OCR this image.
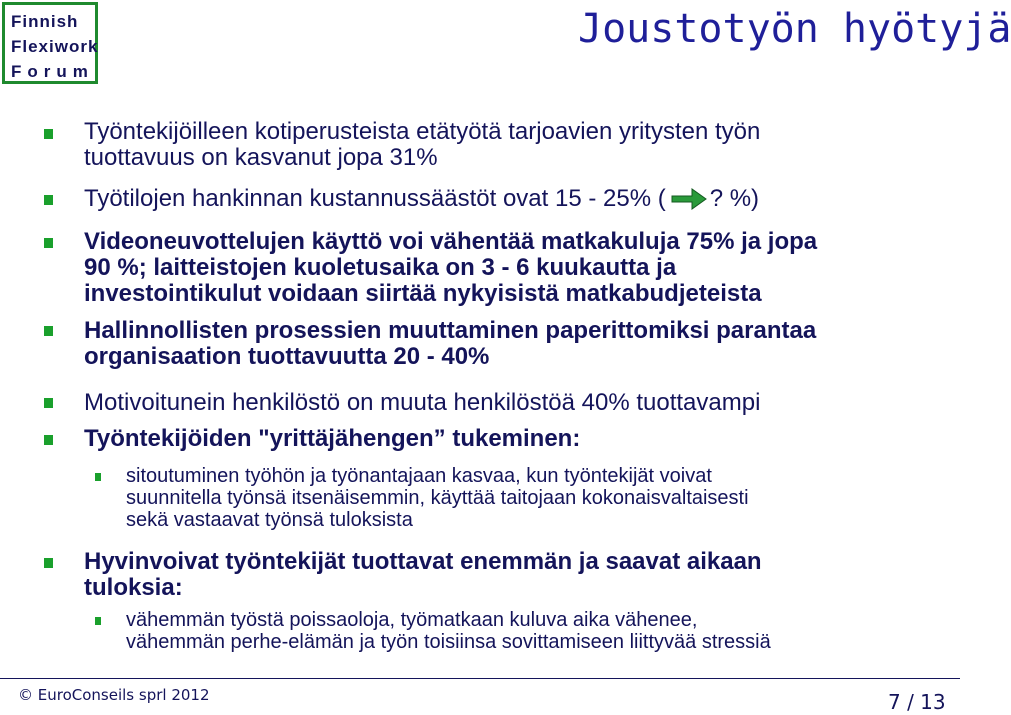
Finnish
Flexiwork
Forum
Joustotyön hyötyjä
Työntekijöilleen kotiperusteista etätyötä tarjoavien yritysten työn
tuottavuus on kasvanut jopa 31%
Työtilojen hankinnan kustannussäästöt ovat 15 - 25% ( ? %)
Videoneuvottelujen käyttö voi vähentää matkakuluja 75% ja jopa
90 %; laitteistojen kuoletusaika on 3 - 6 kuukautta ja
investointikulut voidaan siirtää nykyisistä matkabudjeteista
Hallinnollisten prosessien muuttaminen paperittomiksi parantaa
organisaation tuottavuutta 20 - 40%
Motivoitunein henkilöstö on muuta henkilöstöä 40% tuottavampi
Työntekijöiden "yrittäjähengen” tukeminen:
sitoutuminen työhön ja työnantajaan kasvaa, kun työntekijät voivat
suunnitella työnsä itsenäisemmin, käyttää taitojaan kokonaisvaltaisesti
sekä vastaavat työnsä tuloksista
Hyvinvoivat työntekijät tuottavat enemmän ja saavat aikaan
tuloksia:
vähemmän työstä poissaoloja, työmatkaan kuluva aika vähenee,
vähemmän perhe-elämän ja työn toisiinsa sovittamiseen liittyvää stressiä
© EuroConseils sprl 2012	7 / 13
